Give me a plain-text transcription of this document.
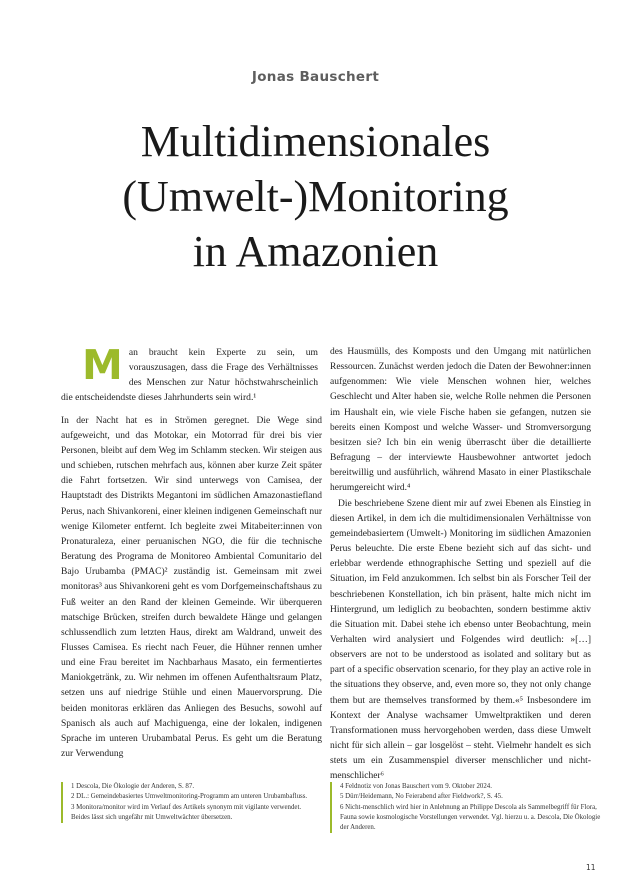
Jonas Bauschert
Multidimensionales
(Umwelt-)Monitoring
in Amazonien

Man braucht kein Experte zu sein, um vorauszusagen, dass die Frage des Verhältnisses des Menschen zur Natur höchstwahrscheinlich die entscheidendste dieses Jahrhunderts sein wird.¹

In der Nacht hat es in Strömen geregnet. Die Wege sind aufgeweicht, und das Motokar, ein Motorrad für drei bis vier Personen, bleibt auf dem Weg im Schlamm stecken. Wir steigen aus und schieben, rutschen mehrfach aus, können aber kurze Zeit später die Fahrt fortsetzen. Wir sind unterwegs von Camisea, der Hauptstadt des Distrikts Megantoni im südlichen Amazonastiefland Perus, nach Shivankoreni, einer kleinen indigenen Gemeinschaft nur wenige Kilometer entfernt. Ich begleite zwei Mitabeiter:innen von Pronaturaleza, einer peruanischen NGO, die für die technische Beratung des Programa de Monitoreo Ambiental Comunitario del Bajo Urubamba (PMAC)² zuständig ist. Gemeinsam mit zwei monitoras³ aus Shivankoreni geht es vom Dorfgemeinschaftshaus zu Fuß weiter an den Rand der kleinen Gemeinde. Wir überqueren matschige Brücken, streifen durch bewaldete Hänge und gelangen schlussendlich zum letzten Haus, direkt am Waldrand, unweit des Flusses Camisea. Es riecht nach Feuer, die Hühner rennen umher und eine Frau bereitet im Nachbarhaus Masato, ein fermentiertes Maniokgetränk, zu. Wir nehmen im offenen Aufenthaltsraum Platz, setzen uns auf niedrige Stühle und einen Mauervorsprung. Die beiden monitoras erklären das Anliegen des Besuchs, sowohl auf Spanisch als auch auf Machiguenga, eine der lokalen, indigenen Sprache im unteren Urubambatal Perus. Es geht um die Beratung zur Verwendung

des Hausmülls, des Komposts und den Umgang mit natürlichen Ressourcen. Zunächst werden jedoch die Daten der Bewohner:innen aufgenommen: Wie viele Menschen wohnen hier, welches Geschlecht und Alter haben sie, welche Rolle nehmen die Personen im Haushalt ein, wie viele Fische haben sie gefangen, nutzen sie bereits einen Kompost und welche Wasser- und Stromversorgung besitzen sie? Ich bin ein wenig überrascht über die detaillierte Befragung – der interviewte Hausbewohner antwortet jedoch bereitwillig und ausführlich, während Masato in einer Plastikschale herumgereicht wird.⁴

Die beschriebene Szene dient mir auf zwei Ebenen als Einstieg in diesen Artikel, in dem ich die multidimensionalen Verhältnisse von gemeindebasiertem (Umwelt-) Monitoring im südlichen Amazonien Perus beleuchte. Die erste Ebene bezieht sich auf das sicht- und erlebbar werdende ethnographische Setting und speziell auf die Situation, im Feld anzukommen. Ich selbst bin als Forscher Teil der beschriebenen Konstellation, ich bin präsent, halte mich nicht im Hintergrund, um lediglich zu beobachten, sondern bestimme aktiv die Situation mit. Dabei stehe ich ebenso unter Beobachtung, mein Verhalten wird analysiert und Folgendes wird deutlich: »[…] observers are not to be understood as isolated and solitary but as part of a specific observation scenario, for they play an active role in the situations they observe, and, even more so, they not only change them but are themselves transformed by them.«⁵ Insbesondere im Kontext der Analyse wachsamer Umweltpraktiken und deren Transformationen muss hervorgehoben werden, dass diese Umwelt nicht für sich allein – gar losgelöst – steht. Vielmehr handelt es sich stets um ein Zusammenspiel diverser menschlicher und nicht-menschlicher⁶

1 Descola, Die Ökologie der Anderen, S. 87.
2 DL.: Gemeindebasiertes Umweltmonitoring-Programm am unteren Urubambafluss.
3 Monitora/monitor wird im Verlauf des Artikels synonym mit vigilante verwendet. Beides lässt sich ungefähr mit Umweltwächter übersetzen.
4 Feldnotiz von Jonas Bauschert vom 9. Oktober 2024.
5 Dürr/Heidemann, No Feierabend after Fieldwork?, S. 45.
6 Nicht-menschlich wird hier in Anlehnung an Philippe Descola als Sammelbegriff für Flora, Fauna sowie kosmologische Vorstellungen verwendet. Vgl. hierzu u. a. Descola, Die Ökologie der Anderen.
11
